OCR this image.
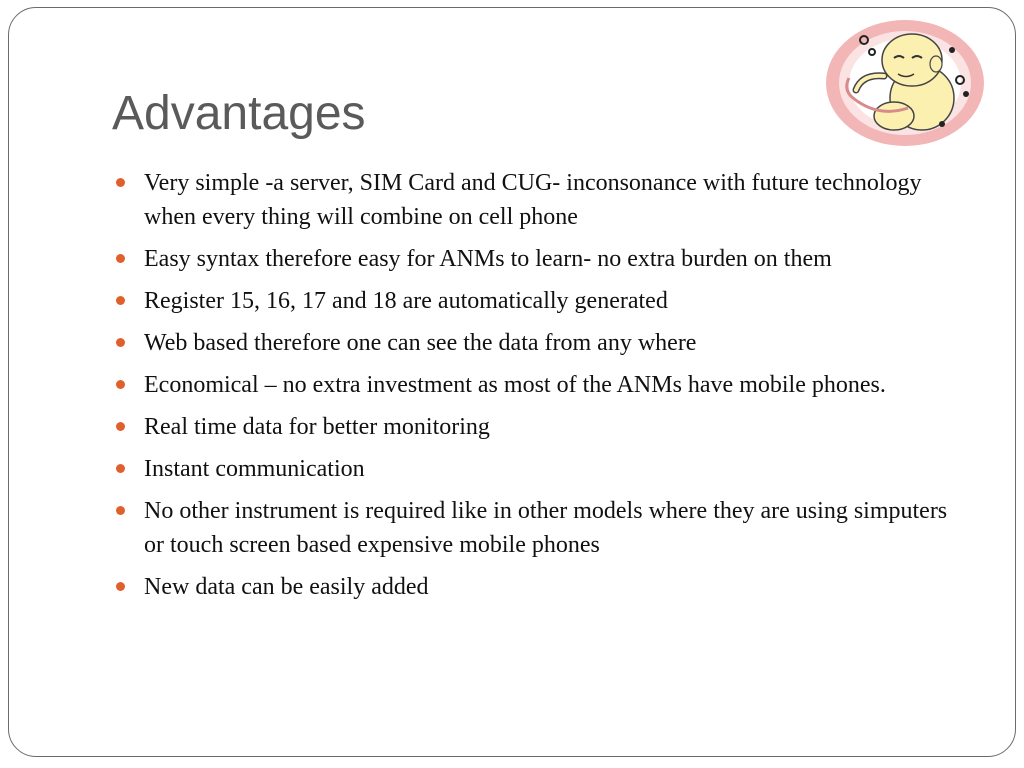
Advantages
Very simple -a server, SIM Card and CUG- inconsonance with future technology when every thing will combine on cell phone
Easy syntax therefore easy for ANMs to learn- no extra burden on them
Register 15, 16, 17 and 18 are automatically generated
Web based therefore one can see the data from any where
Economical – no extra investment as most of the ANMs have mobile phones.
Real time data for better monitoring
Instant communication
No other instrument is required like in other models where they are using simputers or touch screen based expensive mobile phones
New data can be easily added
